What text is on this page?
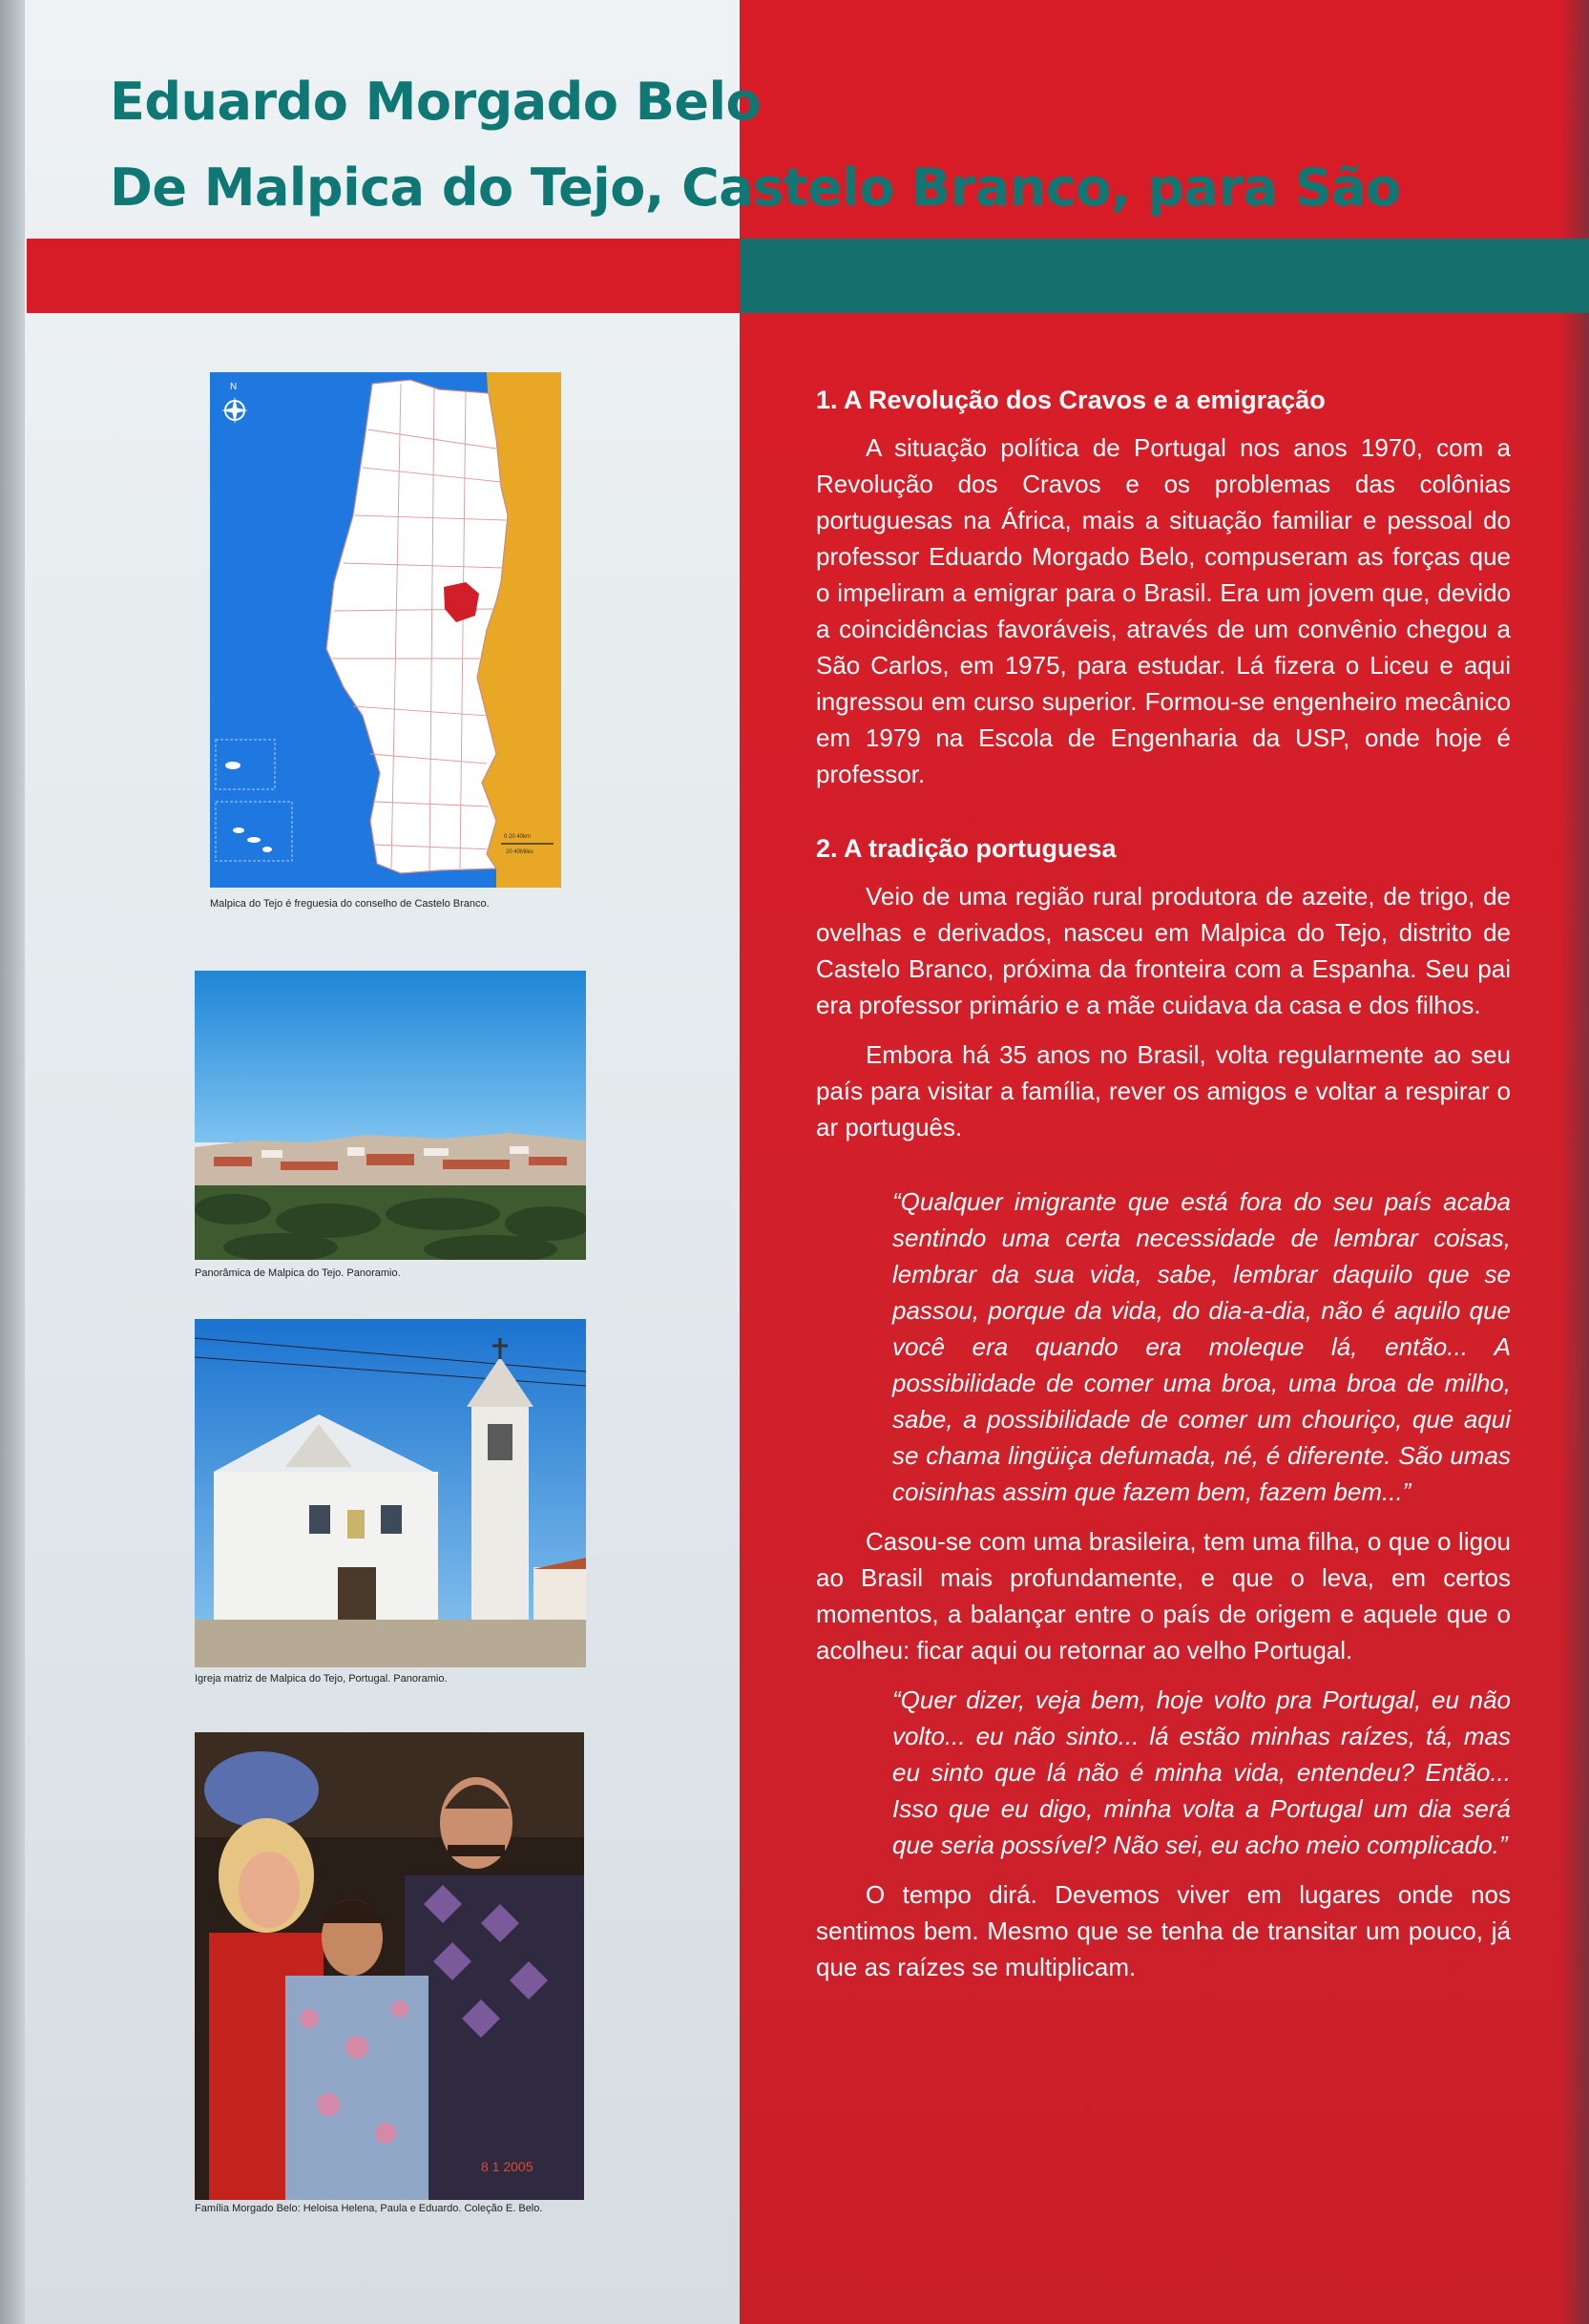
Eduardo Morgado Belo
De Malpica do Tejo, Castelo Branco, para São
N
0 20 40km
20 40Miles
Malpica do Tejo é freguesia do conselho de Castelo Branco.
Panorâmica de Malpica do Tejo. Panoramio.
Igreja matriz de Malpica do Tejo, Portugal. Panoramio.
8 1 2005
Família Morgado Belo: Heloisa Helena, Paula e Eduardo. Coleção E. Belo.
1. A Revolução dos Cravos e a emigração

A situação política de Portugal nos anos 1970, com a Revolução dos Cravos e os problemas das colônias portuguesas na África, mais a situação familiar e pessoal do professor Eduardo Morgado Belo, compuseram as forças que o impeliram a emigrar para o Brasil. Era um jovem que, devido a coincidências favoráveis, através de um convênio chegou a São Carlos, em 1975, para estudar. Lá fizera o Liceu e aqui ingressou em curso superior. Formou-se engenheiro mecânico em 1979 na Escola de Engenharia da USP, onde hoje é professor.

2. A tradição portuguesa

Veio de uma região rural produtora de azeite, de trigo, de ovelhas e derivados, nasceu em Malpica do Tejo, distrito de Castelo Branco, próxima da fronteira com a Espanha. Seu pai era professor primário e a mãe cuidava da casa e dos filhos.

Embora há 35 anos no Brasil, volta regularmente ao seu país para visitar a família, rever os amigos e voltar a respirar o ar português.

“Qualquer imigrante que está fora do seu país acaba sentindo uma certa necessidade de lembrar coisas, lembrar da sua vida, sabe, lembrar daquilo que se passou, porque da vida, do dia-a-dia, não é aquilo que você era quando era moleque lá, então... A possibilidade de comer uma broa, uma broa de milho, sabe, a possibilidade de comer um chouriço, que aqui se chama lingüiça defumada, né, é diferente. São umas coisinhas assim que fazem bem, fazem bem...”

Casou-se com uma brasileira, tem uma filha, o que o ligou ao Brasil mais profundamente, e que o leva, em certos momentos, a balançar entre o país de origem e aquele que o acolheu: ficar aqui ou retornar ao velho Portugal.

“Quer dizer, veja bem, hoje volto pra Portugal, eu não volto... eu não sinto... lá estão minhas raízes, tá, mas eu sinto que lá não é minha vida, entendeu? Então... Isso que eu digo, minha volta a Portugal um dia será que seria possível? Não sei, eu acho meio complicado.”

O tempo dirá. Devemos viver em lugares onde nos sentimos bem. Mesmo que se tenha de transitar um pouco, já que as raízes se multiplicam.
